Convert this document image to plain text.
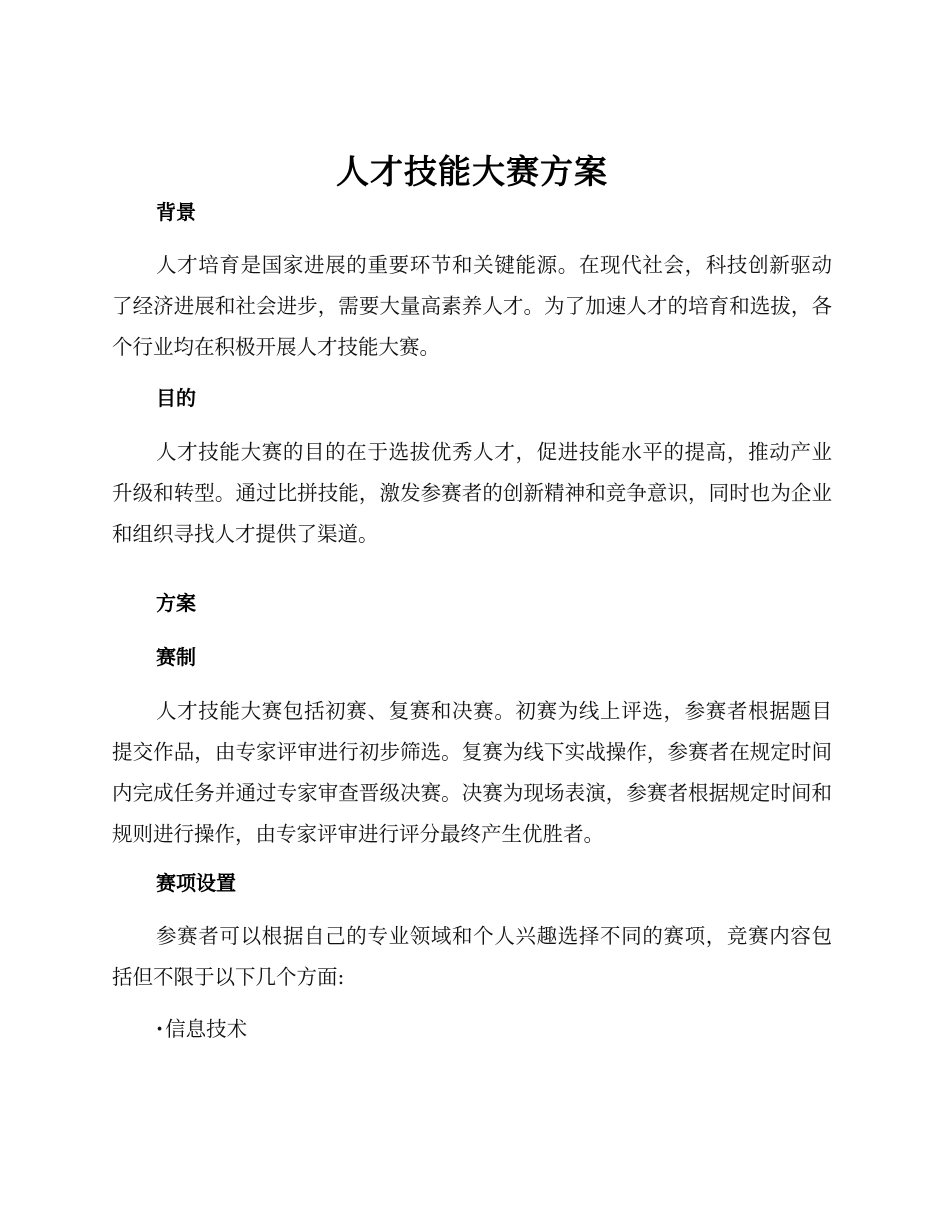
人才技能大赛方案
背景

人才培育是国家进展的重要环节和关键能源。在现代社会，科技创新驱动了经济进展和社会进步，需要大量高素养人才。为了加速人才的培育和选拔，各个行业均在积极开展人才技能大赛。

目的

人才技能大赛的目的在于选拔优秀人才，促进技能水平的提高，推动产业升级和转型。通过比拼技能，激发参赛者的创新精神和竞争意识，同时也为企业和组织寻找人才提供了渠道。

方案
赛制

人才技能大赛包括初赛、复赛和决赛。初赛为线上评选，参赛者根据题目提交作品，由专家评审进行初步筛选。复赛为线下实战操作，参赛者在规定时间内完成任务并通过专家审查晋级决赛。决赛为现场表演，参赛者根据规定时间和规则进行操作，由专家评审进行评分最终产生优胜者。

赛项设置

参赛者可以根据自己的专业领域和个人兴趣选择不同的赛项，竞赛内容包括但不限于以下几个方面:

·信息技术
